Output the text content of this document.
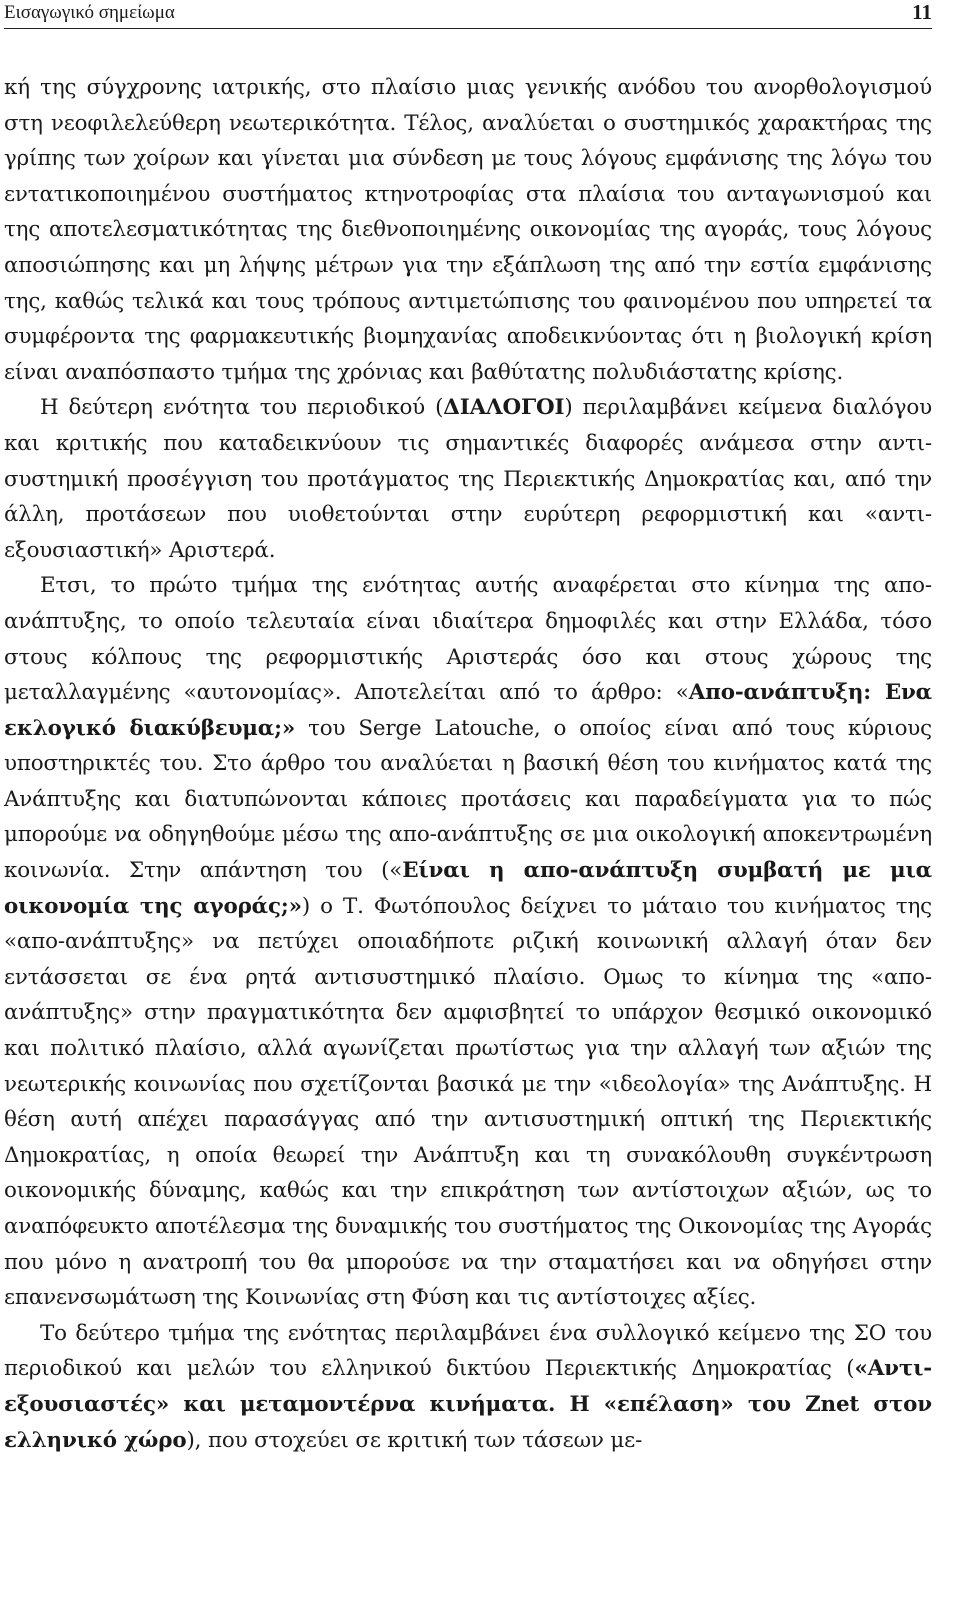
Εισαγωγικό σημείωμα	11

κή της σύγχρονης ιατρικής, στο πλαίσιο μιας γενικής ανόδου του ανορθολογισμού στη νεοφιλελεύθερη νεωτερικότητα. Τέλος, αναλύεται ο συστημικός χαρακτήρας της γρίπης των χοίρων και γίνεται μια σύνδεση με τους λόγους εμφάνισης της λόγω του εντατικοποιημένου συστήματος κτηνοτροφίας στα πλαίσια του ανταγωνισμού και της αποτελεσματικότητας της διεθνοποιημένης οικονομίας της αγοράς, τους λόγους αποσιώπησης και μη λήψης μέτρων για την εξάπλωση της από την εστία εμφάνισης της, καθώς τελικά και τους τρόπους αντιμετώπισης του φαινομένου που υπηρετεί τα συμφέροντα της φαρμακευτικής βιομηχανίας αποδεικνύοντας ότι η βιολογική κρίση είναι αναπόσπαστο τμήμα της χρόνιας και βαθύτατης πολυδιάστατης κρίσης.

Η δεύτερη ενότητα του περιοδικού (ΔΙΑΛΟΓΟΙ) περιλαμβάνει κείμενα διαλόγου και κριτικής που καταδεικνύουν τις σημαντικές διαφορές ανάμεσα στην αντι-συστημική προσέγγιση του προτάγματος της Περιεκτικής Δημοκρατίας και, από την άλλη, προτάσεων που υιοθετούνται στην ευρύτερη ρεφορμιστική και «αντι-εξουσιαστική» Αριστερά.

Ετσι, το πρώτο τμήμα της ενότητας αυτής αναφέρεται στο κίνημα της απο-ανάπτυξης, το οποίο τελευταία είναι ιδιαίτερα δημοφιλές και στην Ελλάδα, τόσο στους κόλπους της ρεφορμιστικής Αριστεράς όσο και στους χώρους της μεταλλαγμένης «αυτονομίας». Αποτελείται από το άρθρο: «Απο-ανάπτυξη: Ενα εκλογικό διακύβευμα;» του Serge Latouche, ο οποίος είναι από τους κύριους υποστηρικτές του. Στο άρθρο του αναλύεται η βασική θέση του κινήματος κατά της Ανάπτυξης και διατυπώνονται κάποιες προτάσεις και παραδείγματα για το πώς μπορούμε να οδηγηθούμε μέσω της απο-ανάπτυξης σε μια οικολογική αποκεντρωμένη κοινωνία. Στην απάντηση του («Είναι η απο-ανάπτυξη συμβατή με μια οικονομία της αγοράς;») ο Τ. Φωτόπουλος δείχνει το μάταιο του κινήματος της «απο-ανάπτυξης» να πετύχει οποιαδήποτε ριζική κοινωνική αλλαγή όταν δεν εντάσσεται σε ένα ρητά αντισυστημικό πλαίσιο. Ομως το κίνημα της «απο-ανάπτυξης» στην πραγματικότητα δεν αμφισβητεί το υπάρχον θεσμικό οικονομικό και πολιτικό πλαίσιο, αλλά αγωνίζεται πρωτίστως για την αλλαγή των αξιών της νεωτερικής κοινωνίας που σχετίζονται βασικά με την «ιδεολογία» της Ανάπτυξης. Η θέση αυτή απέχει παρασάγγας από την αντισυστημική οπτική της Περιεκτικής Δημοκρατίας, η οποία θεωρεί την Ανάπτυξη και τη συνακόλουθη συγκέντρωση οικονομικής δύναμης, καθώς και την επικράτηση των αντίστοιχων αξιών, ως το αναπόφευκτο αποτέλεσμα της δυναμικής του συστήματος της Οικονομίας της Αγοράς που μόνο η ανατροπή του θα μπορούσε να την σταματήσει και να οδηγήσει στην επανενσωμάτωση της Κοινωνίας στη Φύση και τις αντίστοιχες αξίες.

Το δεύτερο τμήμα της ενότητας περιλαμβάνει ένα συλλογικό κείμενο της ΣΟ του περιοδικού και μελών του ελληνικού δικτύου Περιεκτικής Δημοκρατίας («Αντι-εξουσιαστές» και μεταμοντέρνα κινήματα. Η «επέλαση» του Znet στον ελληνικό χώρο), που στοχεύει σε κριτική των τάσεων με-
